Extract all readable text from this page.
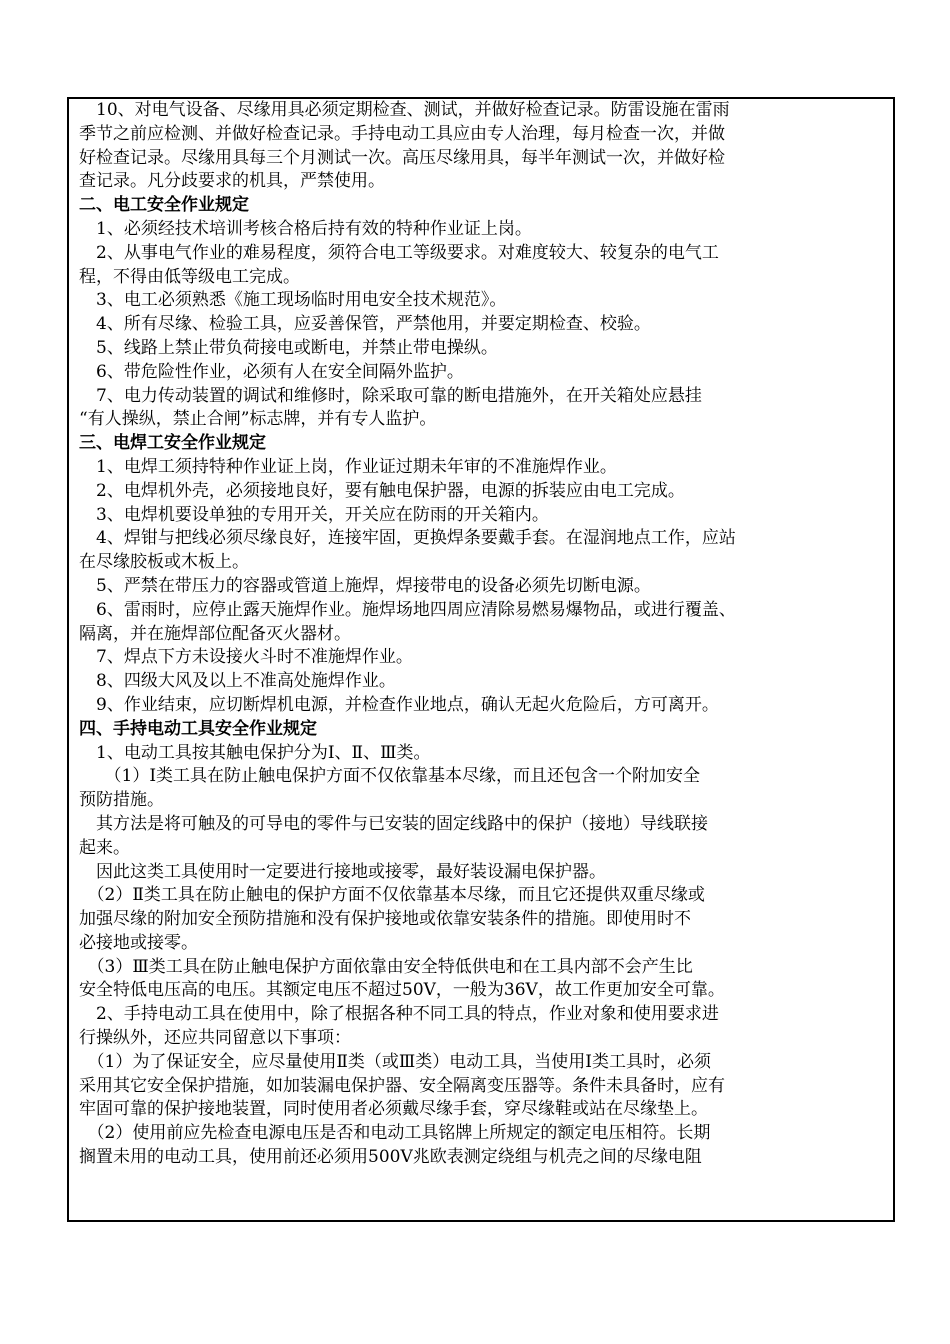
　10、对电气设备、尽缘用具必须定期检查、测试，并做好检查记录。防雷设施在雷雨
季节之前应检测、并做好检查记录。手持电动工具应由专人治理，每月检查一次，并做
好检查记录。尽缘用具每三个月测试一次。高压尽缘用具，每半年测试一次，并做好检
查记录。凡分歧要求的机具，严禁使用。
二、电工安全作业规定
　1、必须经技术培训考核合格后持有效的特种作业证上岗。
　2、从事电气作业的难易程度，须符合电工等级要求。对难度较大、较复杂的电气工
程，不得由低等级电工完成。
　3、电工必须熟悉《施工现场临时用电安全技术规范》。
　4、所有尽缘、检验工具，应妥善保管，严禁他用，并要定期检查、校验。
　5、线路上禁止带负荷接电或断电，并禁止带电操纵。
　6、带危险性作业，必须有人在安全间隔外监护。
　7、电力传动装置的调试和维修时，除采取可靠的断电措施外，在开关箱处应悬挂
“有人操纵，禁止合闸”标志牌，并有专人监护。
三、电焊工安全作业规定
　1、电焊工须持特种作业证上岗，作业证过期未年审的不准施焊作业。
　2、电焊机外壳，必须接地良好，要有触电保护器，电源的拆装应由电工完成。
　3、电焊机要设单独的专用开关，开关应在防雨的开关箱内。
　4、焊钳与把线必须尽缘良好，连接牢固，更换焊条要戴手套。在湿润地点工作，应站
在尽缘胶板或木板上。
　5、严禁在带压力的容器或管道上施焊，焊接带电的设备必须先切断电源。
　6、雷雨时，应停止露天施焊作业。施焊场地四周应清除易燃易爆物品，或进行覆盖、
隔离，并在施焊部位配备灭火器材。
　7、焊点下方未设接火斗时不准施焊作业。
　8、四级大风及以上不准高处施焊作业。
　9、作业结束，应切断焊机电源，并检查作业地点，确认无起火危险后，方可离开。
四、手持电动工具安全作业规定
　1、电动工具按其触电保护分为Ⅰ、Ⅱ、Ⅲ类。
　　（1）Ⅰ类工具在防止触电保护方面不仅依靠基本尽缘，而且还包含一个附加安全
预防措施。
　其方法是将可触及的可导电的零件与已安装的固定线路中的保护（接地）导线联接
起来。
　因此这类工具使用时一定要进行接地或接零，最好装设漏电保护器。
　（2）Ⅱ类工具在防止触电的保护方面不仅依靠基本尽缘，而且它还提供双重尽缘或
加强尽缘的附加安全预防措施和没有保护接地或依靠安装条件的措施。即使用时不
必接地或接零。
　（3）Ⅲ类工具在防止触电保护方面依靠由安全特低供电和在工具内部不会产生比
安全特低电压高的电压。其额定电压不超过50V，一般为36V，故工作更加安全可靠。
　2、手持电动工具在使用中，除了根据各种不同工具的特点，作业对象和使用要求进
行操纵外，还应共同留意以下事项：
　（1）为了保证安全，应尽量使用Ⅱ类（或Ⅲ类）电动工具，当使用Ⅰ类工具时，必须
采用其它安全保护措施，如加装漏电保护器、安全隔离变压器等。条件未具备时，应有
牢固可靠的保护接地装置，同时使用者必须戴尽缘手套，穿尽缘鞋或站在尽缘垫上。
　（2）使用前应先检查电源电压是否和电动工具铭牌上所规定的额定电压相符。长期
搁置未用的电动工具，使用前还必须用500V兆欧表测定绕组与机壳之间的尽缘电阻
